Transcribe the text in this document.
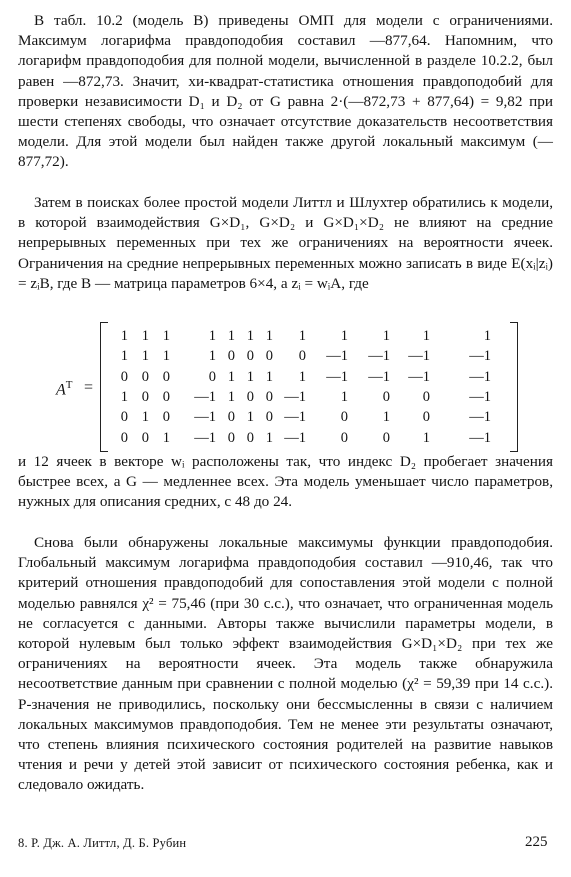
В табл. 10.2 (модель B) приведены ОМП для модели с ограничениями. Максимум логарифма правдоподобия составил —877,64. Напомним, что логарифм правдоподобия для полной модели, вычисленной в разделе 10.2.2, был равен —872,73. Значит, хи-квадрат-статистика отношения правдоподобий для проверки независимости D₁ и D₂ от G равна 2·(—872,73 + 877,64) = 9,82 при шести степенях свободы, что означает отсутствие доказательств несоответствия модели. Для этой модели был найден также другой локальный максимум (—877,72).

Затем в поисках более простой модели Литтл и Шлухтер обратились к модели, в которой взаимодействия G×D₁, G×D₂ и G×D₁×D₂ не влияют на средние непрерывных переменных при тех же ограничениях на вероятности ячеек. Ограничения на средние непрерывных переменных можно записать в виде E(xᵢ|zᵢ) = zᵢB, где B — матрица параметров 6×4, а zᵢ = wᵢA, где

$A^T$ =
1 1 1	1 1 1 1	1	1	1	1	1
1 1 1	1 0 0 0	0	—1	—1	—1	—1
0 0 0	0 1 1 1	1	—1	—1	—1	—1
1 0 0	—1 1 0 0 —1	1	0	0	—1
0 1 0	—1 0 1 0 —1	0	1	0	—1
0 0 1	—1 0 0 1 —1	0	0	1	—1

и 12 ячеек в векторе wᵢ расположены так, что индекс D₂ пробегает значения быстрее всех, а G — медленнее всех. Эта модель уменьшает число параметров, нужных для описания средних, с 48 до 24.

Снова были обнаружены локальные максимумы функции правдоподобия. Глобальный максимум логарифма правдоподобия составил —910,46, так что критерий отношения правдоподобий для сопоставления этой модели с полной моделью равнялся χ² = 75,46 (при 30 с.с.), что означает, что ограниченная модель не согласуется с данными. Авторы также вычислили параметры модели, в которой нулевым был только эффект взаимодействия G×D₁×D₂ при тех же ограничениях на вероятности ячеек. Эта модель также обнаружила несоответствие данным при сравнении с полной моделью (χ² = 59,39 при 14 с.с.). P-значения не приводились, поскольку они бессмысленны в связи с наличием локальных максимумов правдоподобия. Тем не менее эти результаты означают, что степень влияния психического состояния родителей на развитие навыков чтения и речи у детей этой зависит от психического состояния ребенка, как и следовало ожидать.

8. Р. Дж. А. Литтл, Д. Б. Рубин	225
